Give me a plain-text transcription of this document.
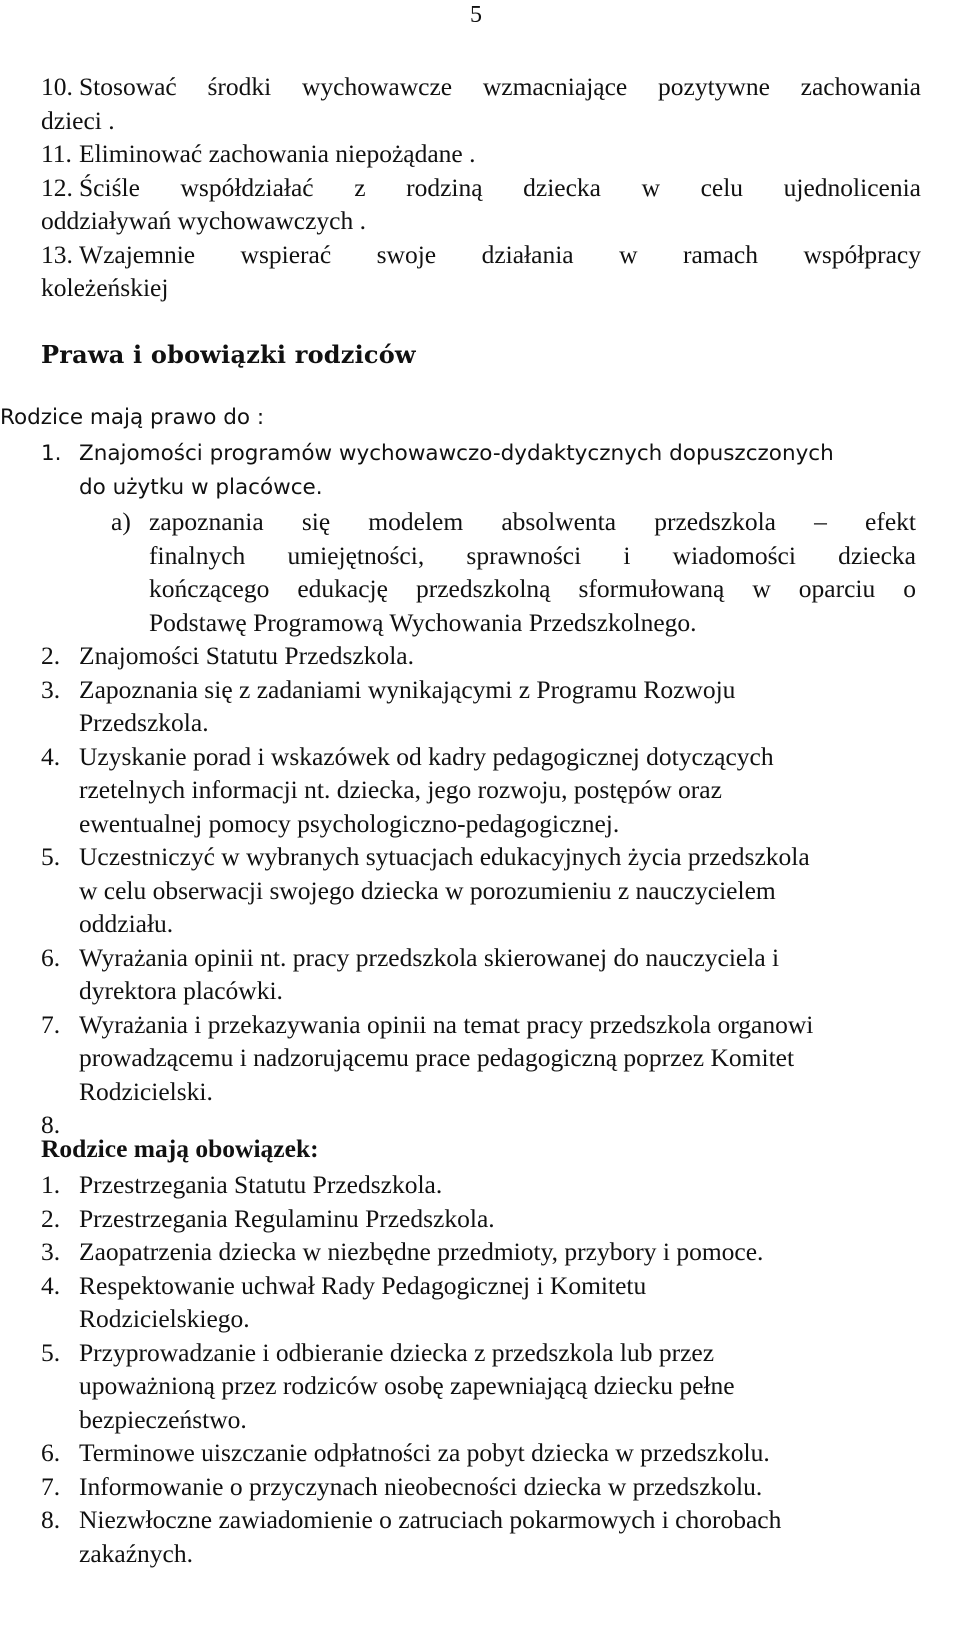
5
10. Stosować środki wychowawcze wzmacniające pozytywne zachowania
dzieci .
11. Eliminować zachowania niepożądane .
12. Ściśle współdziałać z rodziną dziecka w celu ujednolicenia
oddziaływań wychowawczych .
13. Wzajemnie wspierać swoje działania w ramach współpracy
koleżeńskiej
Prawa i obowiązki rodziców
Rodzice mają prawo do :
1. Znajomości programów wychowawczo-dydaktycznych dopuszczonych
do użytku w placówce.
a) zapoznania się modelem absolwenta przedszkola – efekt
finalnych umiejętności, sprawności i wiadomości dziecka
kończącego edukację przedszkolną sformułowaną w oparciu o
Podstawę Programową Wychowania Przedszkolnego.
2. Znajomości Statutu Przedszkola.
3. Zapoznania się z zadaniami wynikającymi z Programu Rozwoju
Przedszkola.
4. Uzyskanie porad i wskazówek od kadry pedagogicznej dotyczących
rzetelnych informacji nt. dziecka, jego rozwoju, postępów oraz
ewentualnej pomocy psychologiczno-pedagogicznej.
5. Uczestniczyć w wybranych sytuacjach edukacyjnych życia przedszkola
w celu obserwacji swojego dziecka w porozumieniu z nauczycielem
oddziału.
6. Wyrażania opinii nt. pracy przedszkola skierowanej do nauczyciela i
dyrektora placówki.
7. Wyrażania i przekazywania opinii na temat pracy przedszkola organowi
prowadzącemu i nadzorującemu prace pedagogiczną poprzez Komitet
Rodzicielski.
8.

Rodzice mają obowiązek:
1. Przestrzegania Statutu Przedszkola.
2. Przestrzegania Regulaminu Przedszkola.
3. Zaopatrzenia dziecka w niezbędne przedmioty, przybory i pomoce.
4. Respektowanie uchwał Rady Pedagogicznej i Komitetu
Rodzicielskiego.
5. Przyprowadzanie i odbieranie dziecka z przedszkola lub przez
upoważnioną przez rodziców osobę zapewniającą dziecku pełne
bezpieczeństwo.
6. Terminowe uiszczanie odpłatności za pobyt dziecka w przedszkolu.
7. Informowanie o przyczynach nieobecności dziecka w przedszkolu.
8. Niezwłoczne zawiadomienie o zatruciach pokarmowych i chorobach
zakaźnych.
